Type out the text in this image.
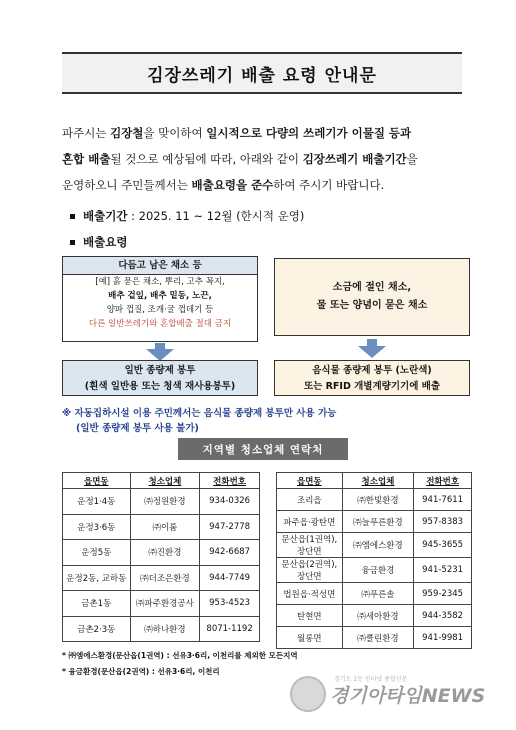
김장쓰레기 배출 요령 안내문
파주시는 김장철을 맞이하여 일시적으로 다량의 쓰레기가 이물질 등과
혼합 배출될 것으로 예상됨에 따라, 아래와 같이 김장쓰레기 배출기간을
운영하오니 주민들께서는 배출요령을 준수하여 주시기 바랍니다.
배출기간 : 2025. 11 ~ 12월 (한시적 운영)
배출요령
다듬고 남은 채소 등
[예] 흙 묻은 채소, 뿌리, 고추 꼭지,
배추 겉잎, 배추 밑동, 노끈,
양파 껍질, 조개·굴 껍데기 등
다른 일반쓰레기와 혼합배출 절대 금지
소금에 절인 채소,
물 또는 양념이 묻은 채소
일반 종량제 봉투
(흰색 일반용 또는 청색 재사용봉투)
음식물 종량제 봉투 (노란색)
또는 RFID 개별계량기기에 배출
※ 자동집하시설 이용 주민께서는 음식물 종량제 봉투만 사용 가능
(일반 종량제 봉투 사용 불가)
지역별 청소업체 연락처
읍면동	청소업체	전화번호
운정1·4동	㈜정원환경	934-0326
운정3·6동	㈜이룸	947-2778
운정5동	㈜진환경	942-6687
운정2동, 교하동	㈜더조은환경	944-7749
금촌1동	㈜파주환경공사	953-4523
금촌2·3동	㈜하나환경	8071-1192
읍면동	청소업체	전화번호
조리읍	㈜한빛환경	941-7611
파주읍·광탄면	㈜늘푸른환경	957-8383
문산읍(1권역), 장단면	㈜엠에스환경	945-3655
문산읍(2권역), 장단면	융금환경	941-5231
법원읍·적성면	㈜푸른솔	959-2345
탄현면	㈜세아환경	944-3582
월롱면	㈜클린환경	941-9981
* ㈜엠에스환경(문산읍(1권역) : 선유3·6리, 이천리를 제외한 모든지역
* 융금환경(문산읍(2권역) : 선유3·6리, 이천리
경기아타임NEWS
경기도 1등 인터넷 종합신문
